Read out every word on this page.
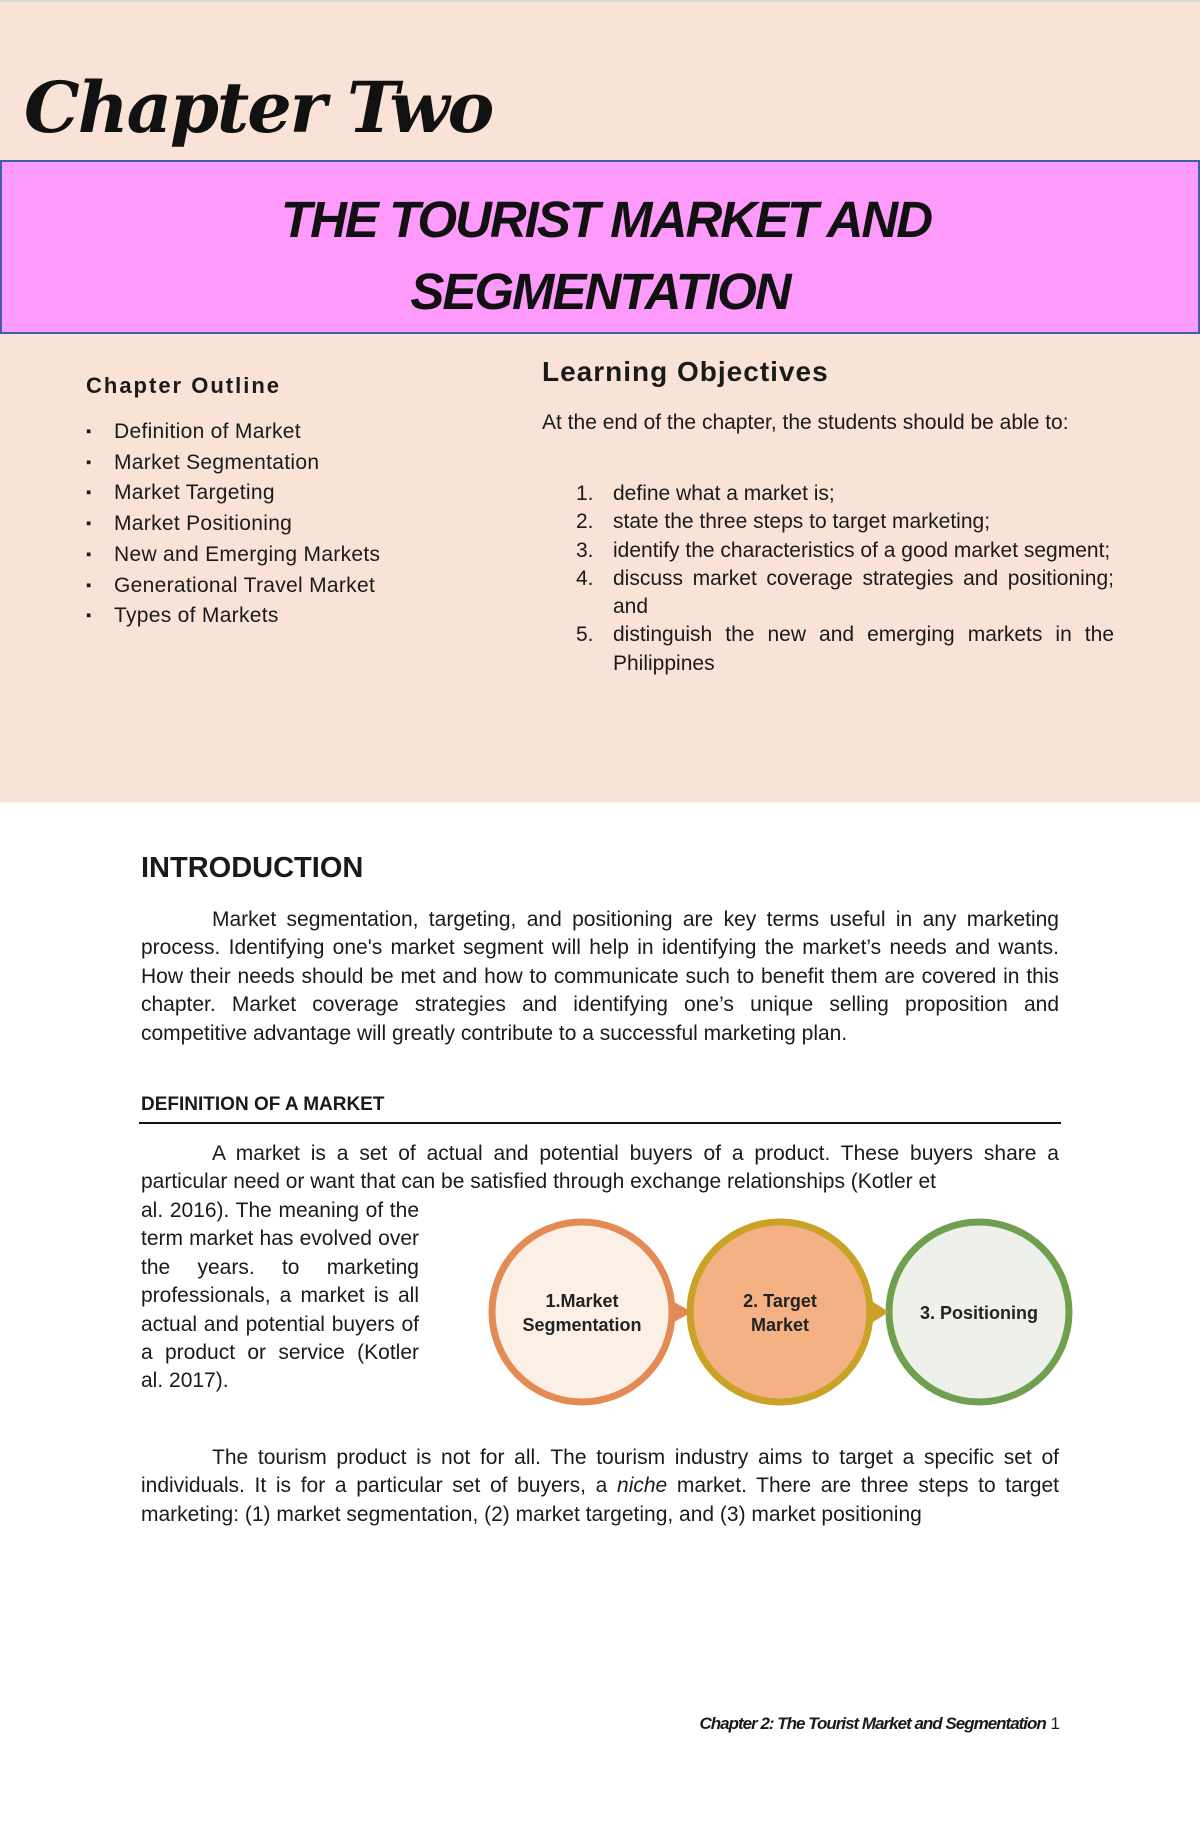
Chapter Two
THE TOURIST MARKET AND
SEGMENTATION
Chapter Outline
▪ Definition of Market
▪ Market Segmentation
▪ Market Targeting
▪ Market Positioning
▪ New and Emerging Markets
▪ Generational Travel Market
▪ Types of Markets
Learning Objectives
At the end of the chapter, the students should be able to:
1. define what a market is;
2. state the three steps to target marketing;
3. identify the characteristics of a good market segment;
4. discuss market coverage strategies and positioning; and
5. distinguish the new and emerging markets in the Philippines
INTRODUCTION

Market segmentation, targeting, and positioning are key terms useful in any marketing process. Identifying one's market segment will help in identifying the market’s needs and wants. How their needs should be met and how to communicate such to benefit them are covered in this chapter. Market coverage strategies and identifying one’s unique selling proposition and competitive advantage will greatly contribute to a successful marketing plan.

DEFINITION OF A MARKET

A market is a set of actual and potential buyers of a product. These buyers share a particular need or want that can be satisfied through exchange relationships (Kotler et

al. 2016). The meaning of the term market has evolved over the years. to marketing professionals, a market is all actual and potential buyers of a product or service (Kotler al. 2017).

1.Market
Segmentation
2. Target
Market
3. Positioning

The tourism product is not for all. The tourism industry aims to target a specific set of individuals. It is for a particular set of buyers, a niche market. There are three steps to target marketing: (1) market segmentation, (2) market targeting, and (3) market positioning

Chapter 2: The Tourist Market and Segmentation 1
